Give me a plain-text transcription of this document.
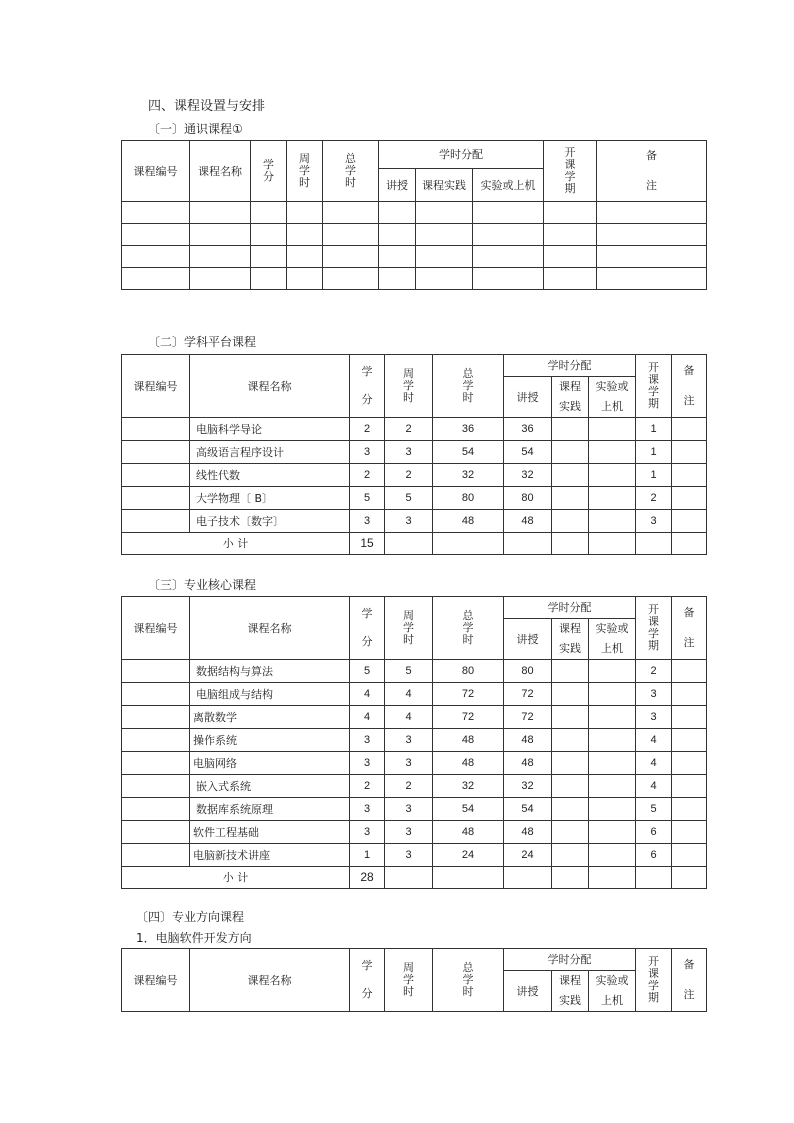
四、课程设置与安排
〔一〕通识课程①
课程编号	课程名称	学分	周学时	总学时	学时分配			开课学期	备注
					讲授	课程实践	实验或上机		

〔二〕学科平台课程
课程编号	课程名称	学分	周学时	总学时	学时分配			开课学期	备注
					讲授	课程实践	实验或上机		
	电脑科学导论	2	2	36	36			1	
	高级语言程序设计	3	3	54	54			1	
	线性代数	2	2	32	32			1	
	大学物理〔 B〕	5	5	80	80			2	
	电子技术〔数字〕	3	3	48	48			3	
小 计		15							
〔三〕专业核心课程
课程编号	课程名称	学分	周学时	总学时	学时分配			开课学期	备注
					讲授	课程实践	实验或上机		
	数据结构与算法	5	5	80	80			2	
	电脑组成与结构	4	4	72	72			3	
	离散数学	4	4	72	72			3	
	操作系统	3	3	48	48			4	
	电脑网络	3	3	48	48			4	
	嵌入式系统	2	2	32	32			4	
	数据库系统原理	3	3	54	54			5	
	软件工程基础	3	3	48	48			6	
	电脑新技术讲座	1	3	24	24			6	
小 计		28							
〔四〕专业方向课程
1．电脑软件开发方向
课程编号	课程名称	学分	周学时	总学时	学时分配			开课学期	备注
					讲授	课程实践	实验或上机		
